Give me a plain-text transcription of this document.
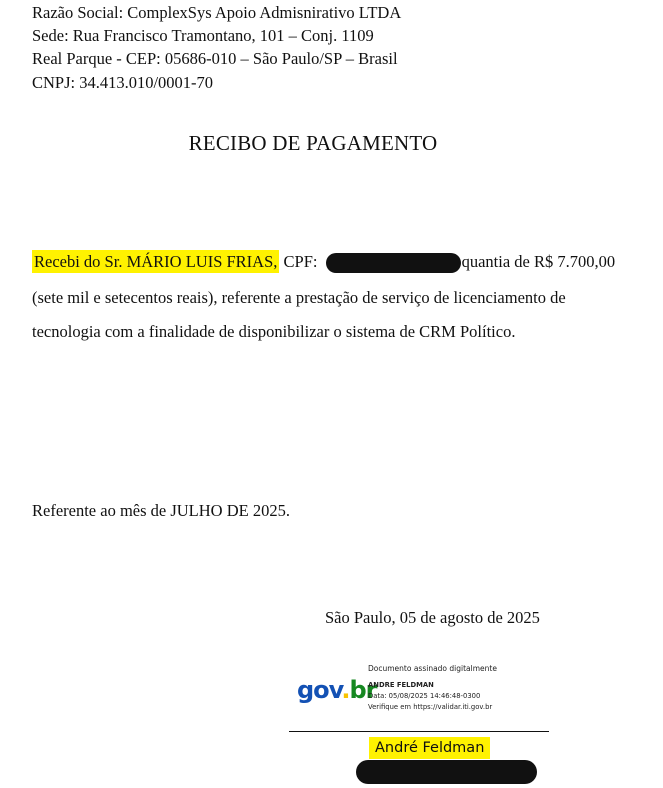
Razão Social: ComplexSys Apoio Admisnirativo LTDA
Sede: Rua Francisco Tramontano, 101 – Conj. 1109
Real Parque - CEP: 05686-010 – São Paulo/SP – Brasil
CNPJ: 34.413.010/0001-70
RECIBO DE PAGAMENTO
Recebi do Sr. MÁRIO LUIS FRIAS, CPF:	quantia de R$ 7.700,00
(sete mil e setecentos reais), referente a prestação de serviço de licenciamento de
tecnologia com a finalidade de disponibilizar o sistema de CRM Político.
Referente ao mês de JULHO DE 2025.
São Paulo, 05 de agosto de 2025
gov.br
Documento assinado digitalmente
ANDRE FELDMAN
Data: 05/08/2025 14:46:48-0300
Verifique em https://validar.iti.gov.br
André Feldman
